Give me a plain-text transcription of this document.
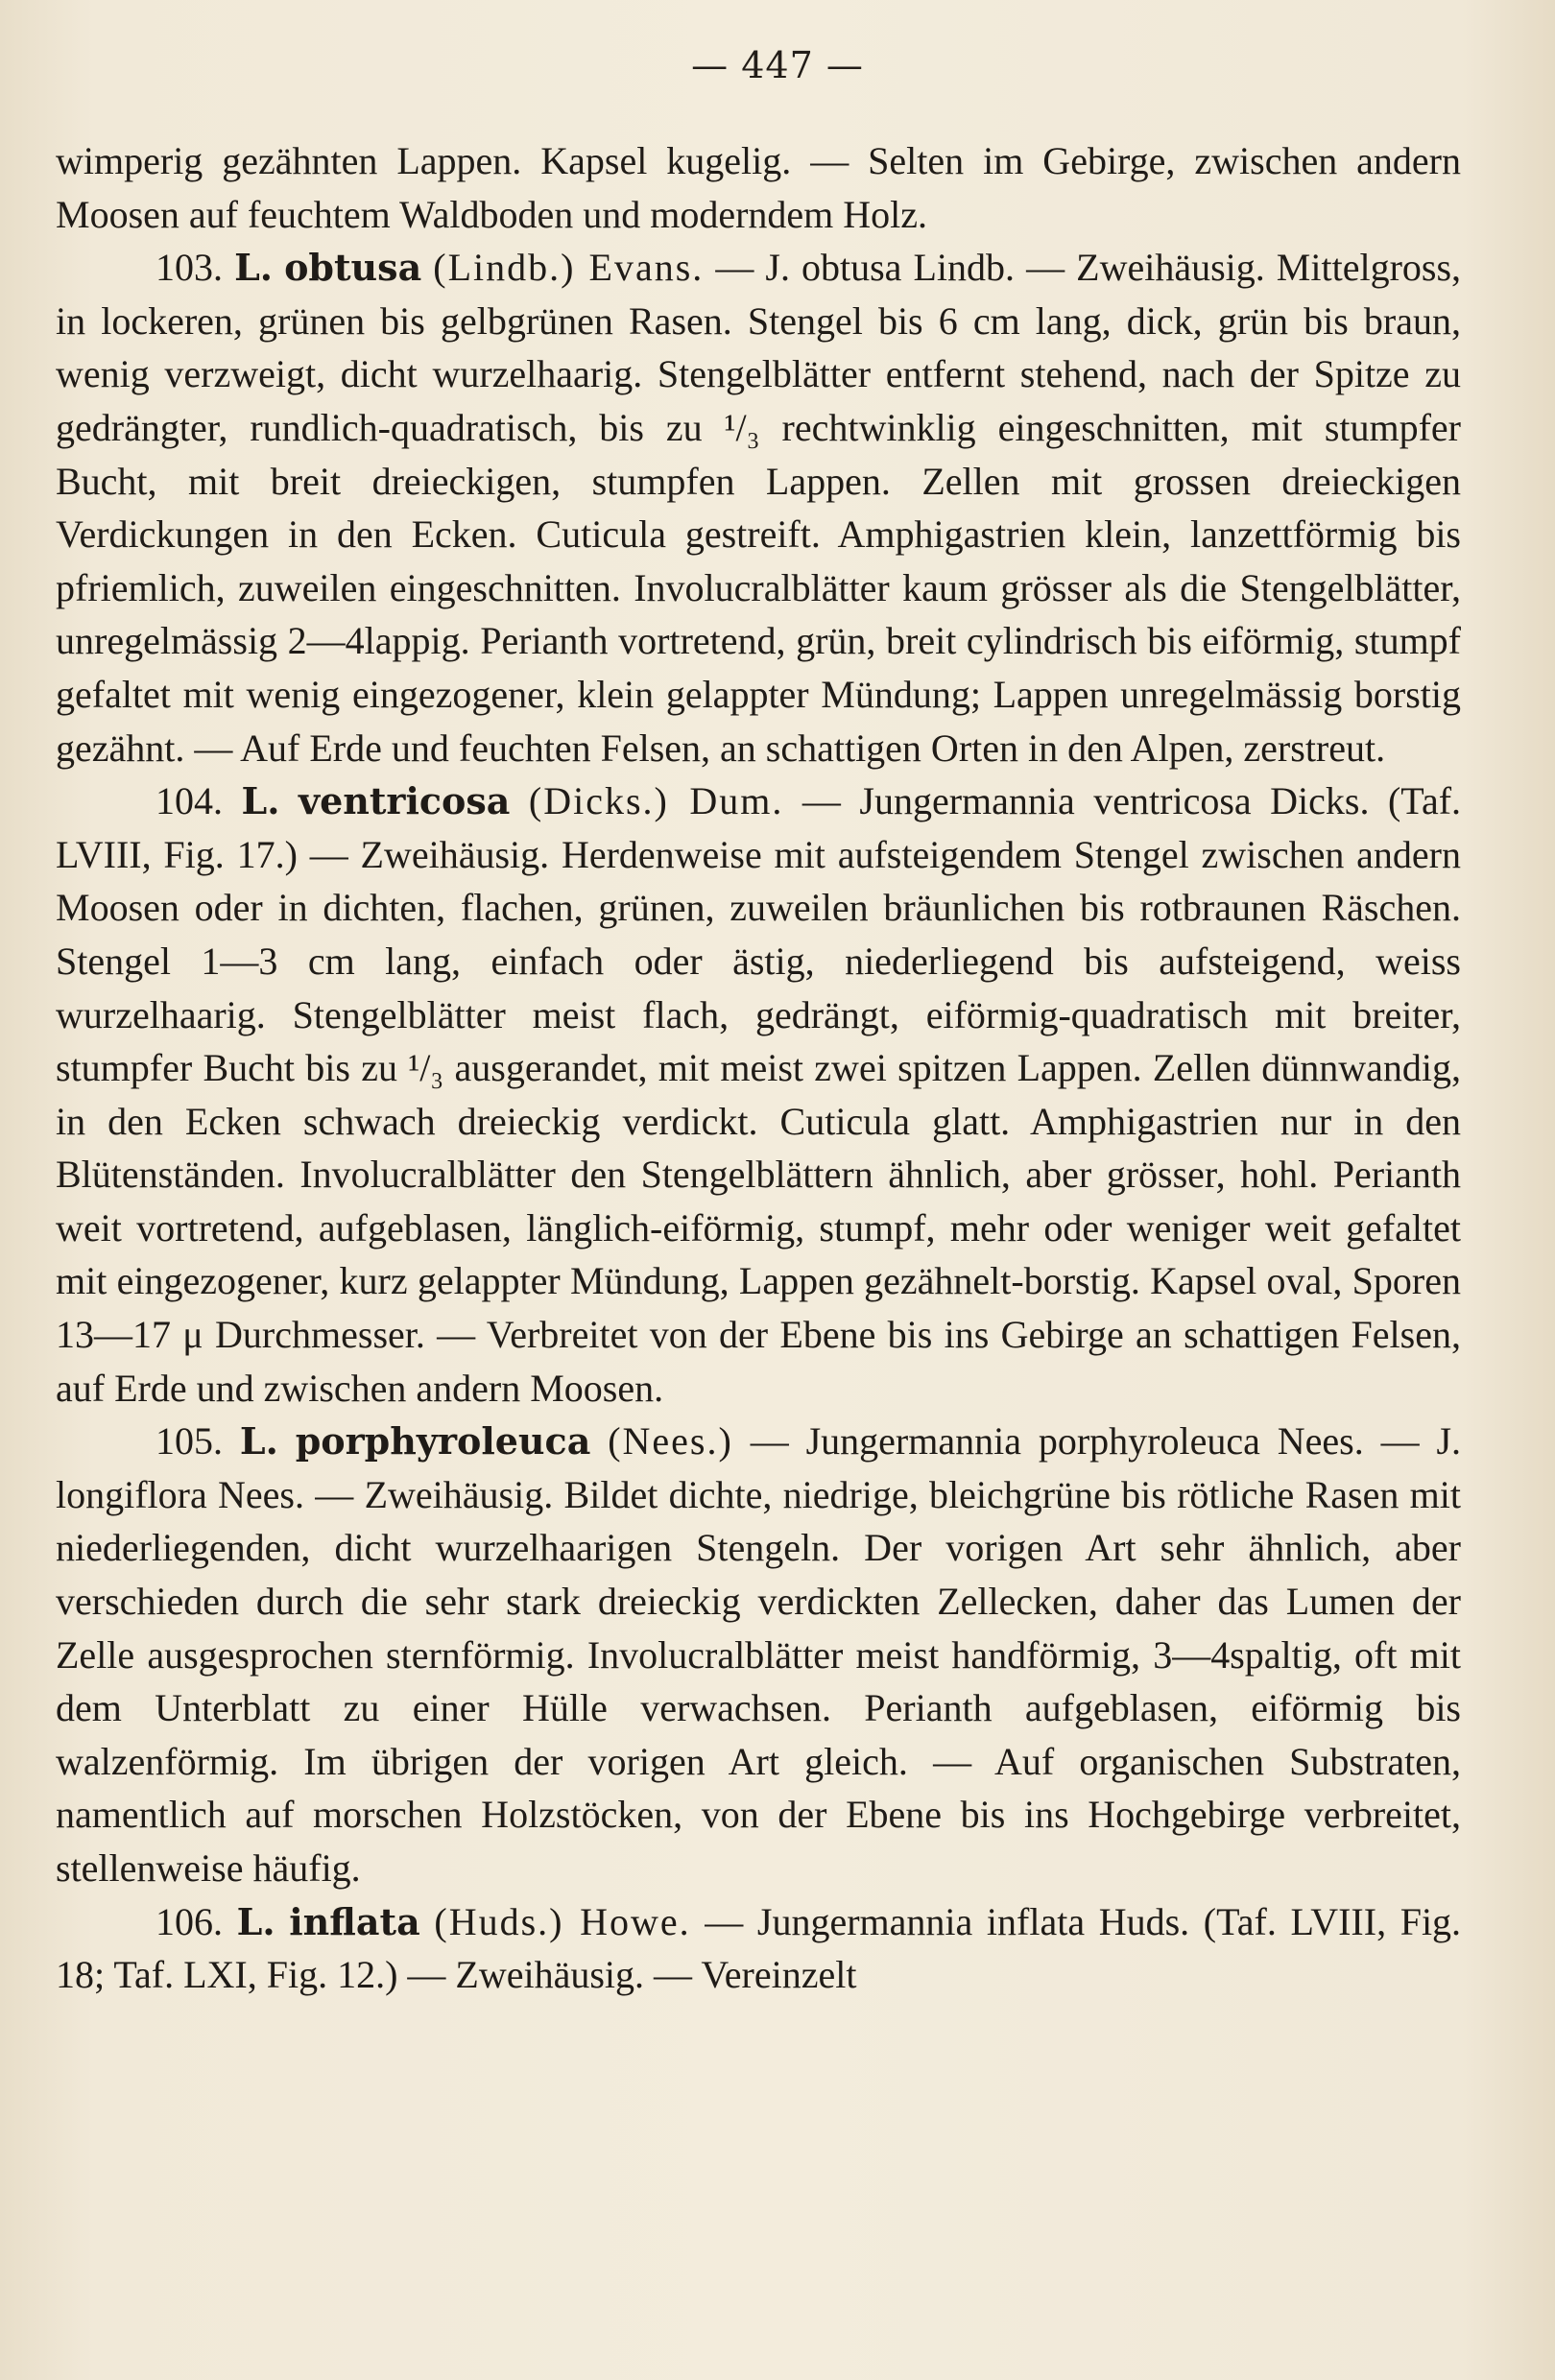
— 447 —

wimperig gezähnten Lappen. Kapsel kugelig. — Selten im Gebirge, zwischen andern Moosen auf feuchtem Waldboden und moderndem Holz.

103. L. obtusa (Lindb.) Evans. — J. obtusa Lindb. — Zweihäusig. Mittelgross, in lockeren, grünen bis gelbgrünen Rasen. Stengel bis 6 cm lang, dick, grün bis braun, wenig verzweigt, dicht wurzelhaarig. Stengelblätter entfernt stehend, nach der Spitze zu gedrängter, rundlich-quadratisch, bis zu ¹/₃ rechtwinklig eingeschnitten, mit stumpfer Bucht, mit breit dreieckigen, stumpfen Lappen. Zellen mit grossen dreieckigen Verdickungen in den Ecken. Cuticula gestreift. Amphigastrien klein, lanzettförmig bis pfriemlich, zuweilen eingeschnitten. Involucralblätter kaum grösser als die Stengelblätter, unregelmässig 2—4lappig. Perianth vortretend, grün, breit cylindrisch bis eiförmig, stumpf gefaltet mit wenig eingezogener, klein gelappter Mündung; Lappen unregelmässig borstig gezähnt. — Auf Erde und feuchten Felsen, an schattigen Orten in den Alpen, zerstreut.

104. L. ventricosa (Dicks.) Dum. — Jungermannia ventricosa Dicks. (Taf. LVIII, Fig. 17.) — Zweihäusig. Herdenweise mit aufsteigendem Stengel zwischen andern Moosen oder in dichten, flachen, grünen, zuweilen bräunlichen bis rotbraunen Räschen. Stengel 1—3 cm lang, einfach oder ästig, niederliegend bis aufsteigend, weiss wurzelhaarig. Stengelblätter meist flach, gedrängt, eiförmig-quadratisch mit breiter, stumpfer Bucht bis zu ¹/₃ ausgerandet, mit meist zwei spitzen Lappen. Zellen dünnwandig, in den Ecken schwach dreieckig verdickt. Cuticula glatt. Amphigastrien nur in den Blütenständen. Involucralblätter den Stengelblättern ähnlich, aber grösser, hohl. Perianth weit vortretend, aufgeblasen, länglich-eiförmig, stumpf, mehr oder weniger weit gefaltet mit eingezogener, kurz gelappter Mündung, Lappen gezähnelt-borstig. Kapsel oval, Sporen 13—17 μ Durchmesser. — Verbreitet von der Ebene bis ins Gebirge an schattigen Felsen, auf Erde und zwischen andern Moosen.

105. L. porphyroleuca (Nees.) — Jungermannia porphyroleuca Nees. — J. longiflora Nees. — Zweihäusig. Bildet dichte, niedrige, bleichgrüne bis rötliche Rasen mit niederliegenden, dicht wurzelhaarigen Stengeln. Der vorigen Art sehr ähnlich, aber verschieden durch die sehr stark dreieckig verdickten Zellecken, daher das Lumen der Zelle ausgesprochen sternförmig. Involucralblätter meist handförmig, 3—4spaltig, oft mit dem Unterblatt zu einer Hülle verwachsen. Perianth aufgeblasen, eiförmig bis walzenförmig. Im übrigen der vorigen Art gleich. — Auf organischen Substraten, namentlich auf morschen Holzstöcken, von der Ebene bis ins Hochgebirge verbreitet, stellenweise häufig.

106. L. inflata (Huds.) Howe. — Jungermannia inflata Huds. (Taf. LVIII, Fig. 18; Taf. LXI, Fig. 12.) — Zweihäusig. — Vereinzelt
